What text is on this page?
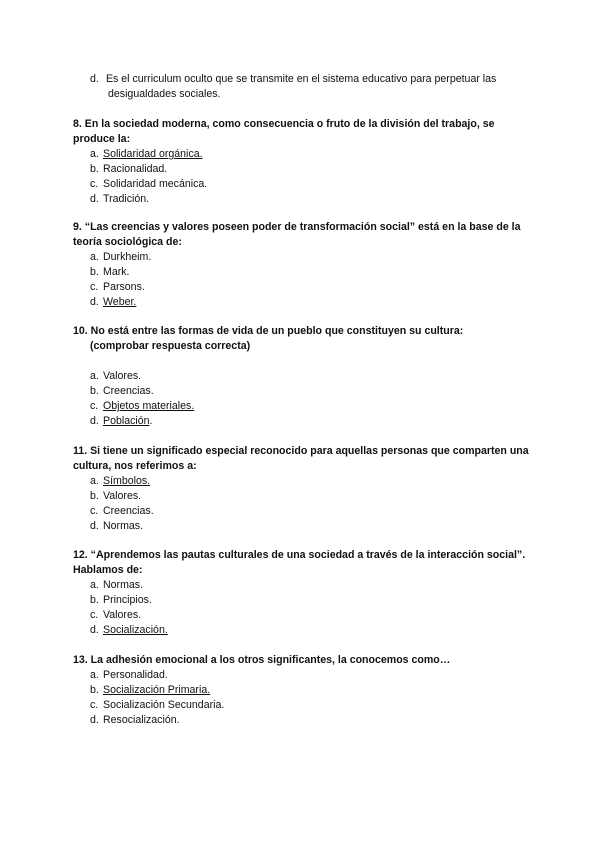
d. Es el curriculum oculto que se transmite en el sistema educativo para perpetuar las
desigualdades sociales.
8. En la sociedad moderna, como consecuencia o fruto de la división del trabajo, se produce la:
a. Solidaridad orgánica.
b. Racionalidad.
c. Solidaridad mecánica.
d. Tradición.
9. “Las creencias y valores poseen poder de transformación social” está en la base de la teoría sociológica de:
a. Durkheim.
b. Mark.
c. Parsons.
d. Weber.
10. No está entre las formas de vida de un pueblo que constituyen su cultura: (comprobar respuesta correcta)
a. Valores.
b. Creencias.
c. Objetos materiales.
d. Población.
11. Si tiene un significado especial reconocido para aquellas personas que comparten una cultura, nos referimos a:
a. Símbolos.
b. Valores.
c. Creencias.
d. Normas.
12. “Aprendemos las pautas culturales de una sociedad a través de la interacción social”. Hablamos de:
a. Normas.
b. Principios.
c. Valores.
d. Socialización.
13. La adhesión emocional a los otros significantes, la conocemos como…
a. Personalidad.
b. Socialización Primaria.
c. Socialización Secundaria.
d. Resocialización.
